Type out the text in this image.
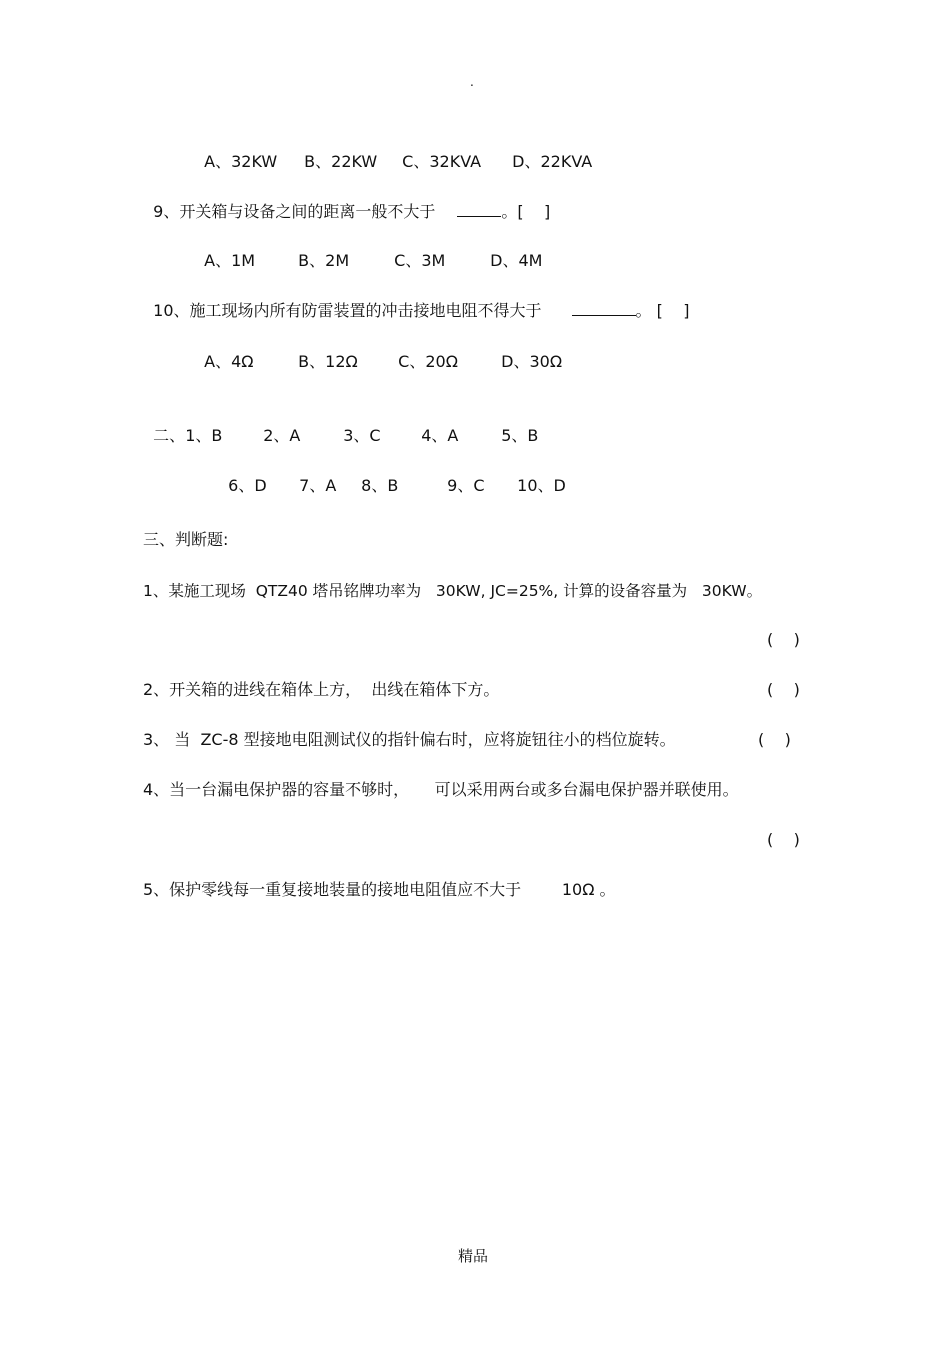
.

A、32KW B、22KW C、32KVA D、22KVA

9、开关箱与设备之间的距离一般不大于	。[    ]

A、1M	B、2M	C、3M	D、4M

10、施工现场内所有防雷装置的冲击接地电阻不得大于	。 [    ]

A、4Ω	B、12Ω	C、20Ω	D、30Ω

二、1、B	2、A	3、C	4、A	5、B

6、D 7、A 8、B	9、C 10、D

三、判断题:
1、某施工现场  QTZ40 塔吊铭牌功率为   30KW, JC=25%, 计算的设备容量为   30KW。
(    )
2、开关箱的进线在箱体上方，  出线在箱体下方。	(    )
3、 当  ZC-8 型接地电阻测试仪的指针偏右时，应将旋钮往小的档位旋转。	(    )
4、当一台漏电保护器的容量不够时，     可以采用两台或多台漏电保护器并联使用。
(    )
5、保护零线每一重复接地装量的接地电阻值应不大于        10Ω 。
精品
